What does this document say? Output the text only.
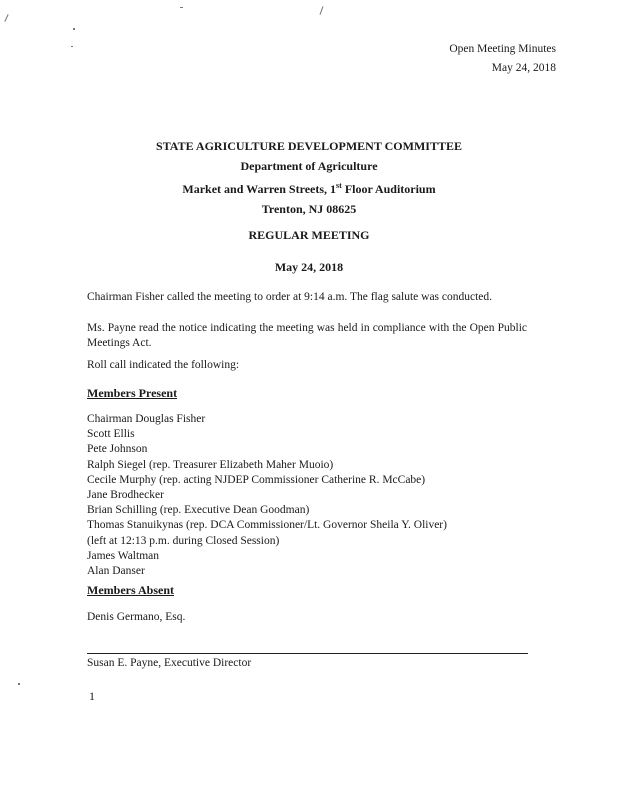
Open Meeting Minutes
May 24, 2018
STATE AGRICULTURE DEVELOPMENT COMMITTEE
Department of Agriculture
Market and Warren Streets, 1st Floor Auditorium
Trenton, NJ 08625
REGULAR MEETING
May 24, 2018
Chairman Fisher called the meeting to order at 9:14 a.m. The flag salute was conducted.
Ms. Payne read the notice indicating the meeting was held in compliance with the Open Public Meetings Act.
Roll call indicated the following:
Members Present
Chairman Douglas Fisher
Scott Ellis
Pete Johnson
Ralph Siegel (rep. Treasurer Elizabeth Maher Muoio)
Cecile Murphy (rep. acting NJDEP Commissioner Catherine R. McCabe)
Jane Brodhecker
Brian Schilling (rep. Executive Dean Goodman)
Thomas Stanuikynas (rep. DCA Commissioner/Lt. Governor Sheila Y. Oliver)
(left at 12:13 p.m. during Closed Session)
James Waltman
Alan Danser
Members Absent
Denis Germano, Esq.
Susan E. Payne, Executive Director
1
